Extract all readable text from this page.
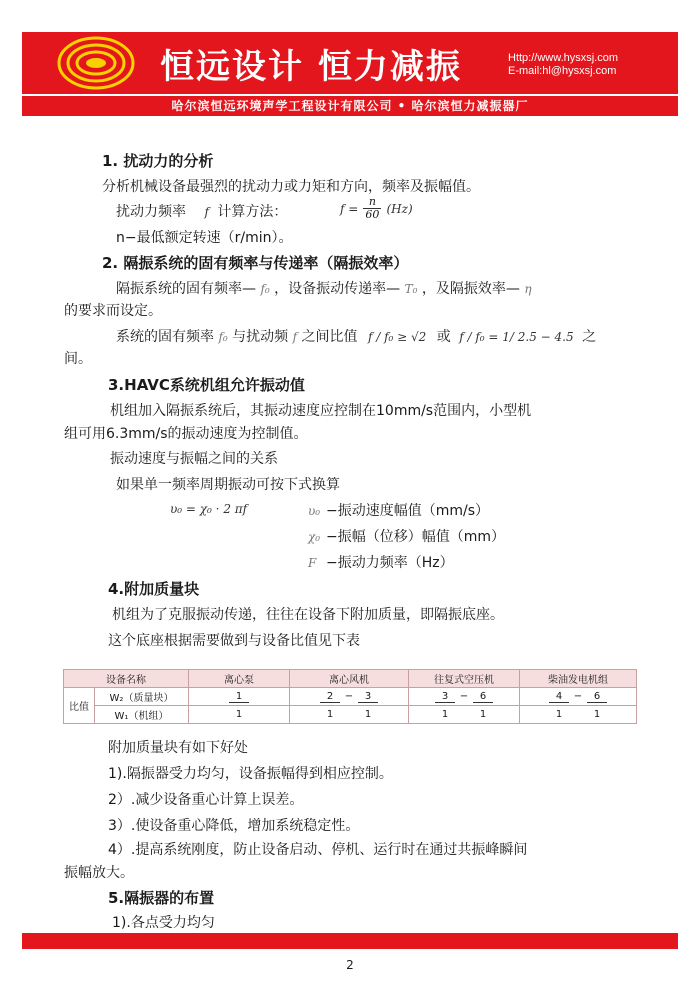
恒远设计 恒力减振	Http://www.hysxsj.com
E-mail:hl@hysxsj.com
哈尔滨恒远环境声学工程设计有限公司 • 哈尔滨恒力减振器厂
1. 扰动力的分析
分析机械设备最强烈的扰动力或力矩和方向，频率及振幅值。
扰动力频率 f 计算方法：	$f = \frac{n}{60} (Hz)$
n−最低额定转速（r/min）。
2. 隔振系统的固有频率与传递率（隔振效率）
隔振系统的固有频率— f₀ ，设备振动传递率— T₀ ，及隔振效率— η
的要求而设定。
系统的固有频率 f₀ 与扰动频 f 之间比值 f / f₀ ≥ √2 或 f / f₀ = 1/ 2.5 − 4.5 之
间。
3.HAVC系统机组允许振动值
机组加入隔振系统后，其振动速度应控制在10mm/s范围内，小型机
组可用6.3mm/s的振动速度为控制值。
振动速度与振幅之间的关系
如果单一频率周期振动可按下式换算
υ₀ = χ₀ · 2 πf	υ₀ −振动速度幅值（mm/s）
χ₀ −振幅（位移）幅值（mm）
F −振动力频率（Hz）
4.附加质量块
机组为了克服振动传递，往往在设备下附加质量，即隔振底座。
这个底座根据需要做到与设备比值见下表
设备名称		离心泵	离心风机	往复式空压机	柴油发电机组
比值	W₂（质量块）	1	2 − 3	3 − 6	4 − 6
	W₁（机组）	1	1 1	1 1	1 1
附加质量块有如下好处
1).隔振器受力均匀，设备振幅得到相应控制。
2）.减少设备重心计算上误差。
3）.使设备重心降低，增加系统稳定性。
4）.提高系统刚度，防止设备启动、停机、运行时在通过共振峰瞬间
振幅放大。
5.隔振器的布置
1).各点受力均匀
2
